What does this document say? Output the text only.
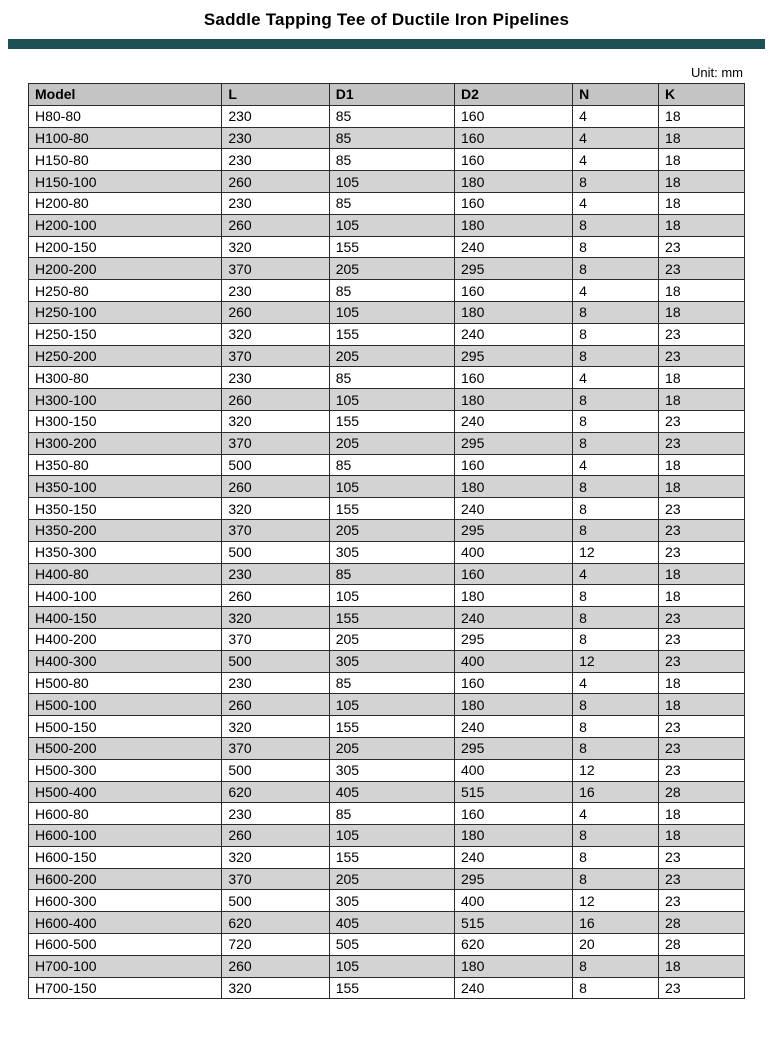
Saddle Tapping Tee of Ductile Iron Pipelines
Unit: mm
Model	L	D1	D2	N	K
H80-80	230	85	160	4	18
H100-80	230	85	160	4	18
H150-80	230	85	160	4	18
H150-100	260	105	180	8	18
H200-80	230	85	160	4	18
H200-100	260	105	180	8	18
H200-150	320	155	240	8	23
H200-200	370	205	295	8	23
H250-80	230	85	160	4	18
H250-100	260	105	180	8	18
H250-150	320	155	240	8	23
H250-200	370	205	295	8	23
H300-80	230	85	160	4	18
H300-100	260	105	180	8	18
H300-150	320	155	240	8	23
H300-200	370	205	295	8	23
H350-80	500	85	160	4	18
H350-100	260	105	180	8	18
H350-150	320	155	240	8	23
H350-200	370	205	295	8	23
H350-300	500	305	400	12	23
H400-80	230	85	160	4	18
H400-100	260	105	180	8	18
H400-150	320	155	240	8	23
H400-200	370	205	295	8	23
H400-300	500	305	400	12	23
H500-80	230	85	160	4	18
H500-100	260	105	180	8	18
H500-150	320	155	240	8	23
H500-200	370	205	295	8	23
H500-300	500	305	400	12	23
H500-400	620	405	515	16	28
H600-80	230	85	160	4	18
H600-100	260	105	180	8	18
H600-150	320	155	240	8	23
H600-200	370	205	295	8	23
H600-300	500	305	400	12	23
H600-400	620	405	515	16	28
H600-500	720	505	620	20	28
H700-100	260	105	180	8	18
H700-150	320	155	240	8	23
